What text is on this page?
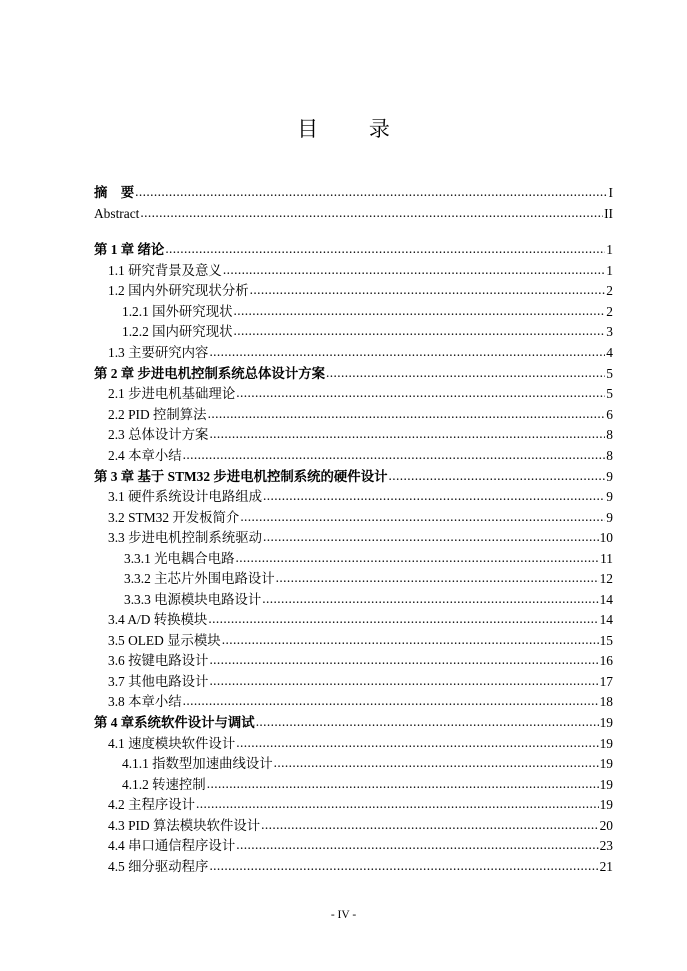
目 录
摘　要 .....	I
Abstract .....	II
第 1 章 绪论 .....	1
1.1 研究背景及意义 .....	1
1.2 国内外研究现状分析 .....	2
1.2.1 国外研究现状 .....	2
1.2.2 国内研究现状 .....	3
1.3 主要研究内容 .....	4
第 2 章 步进电机控制系统总体设计方案 .....	5
2.1 步进电机基础理论 .....	5
2.2 PID 控制算法 .....	6
2.3 总体设计方案 .....	8
2.4 本章小结 .....	8
第 3 章 基于 STM32 步进电机控制系统的硬件设计 .....	9
3.1 硬件系统设计电路组成 .....	9
3.2 STM32 开发板简介 .....	9
3.3 步进电机控制系统驱动 .....	10
3.3.1 光电耦合电路 .....	11
3.3.2 主芯片外围电路设计 .....	12
3.3.3 电源模块电路设计 .....	14
3.4 A/D 转换模块 .....	14
3.5 OLED 显示模块 .....	15
3.6 按键电路设计 .....	16
3.7 其他电路设计 .....	17
3.8 本章小结 .....	18
第 4 章系统软件设计与调试 .....	19
4.1 速度模块软件设计 .....	19
4.1.1 指数型加速曲线设计 .....	19
4.1.2 转速控制 .....	19
4.2 主程序设计 .....	19
4.3 PID 算法模块软件设计 .....	20
4.4 串口通信程序设计 .....	23
4.5 细分驱动程序 .....	21
- IV -
